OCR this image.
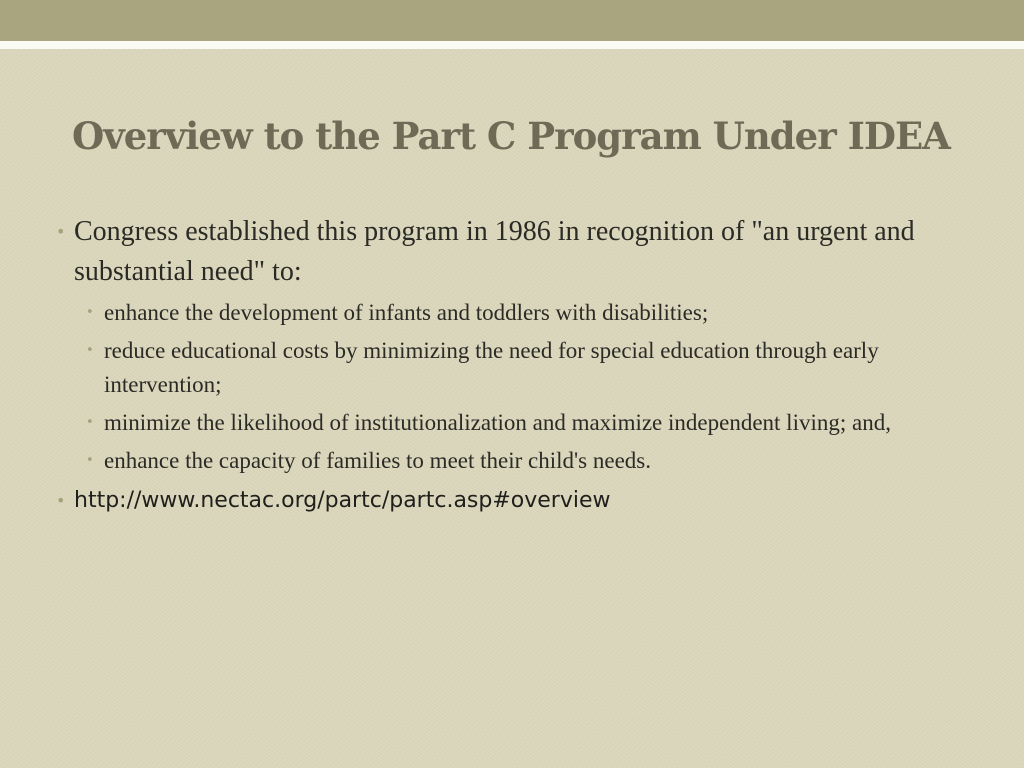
Overview to the Part C Program Under IDEA
• Congress established this program in 1986 in recognition of "an urgent and substantial need" to:
• enhance the development of infants and toddlers with disabilities;
• reduce educational costs by minimizing the need for special education through early intervention;
• minimize the likelihood of institutionalization and maximize independent living; and,
• enhance the capacity of families to meet their child's needs.
• http://www.nectac.org/partc/partc.asp#overview
